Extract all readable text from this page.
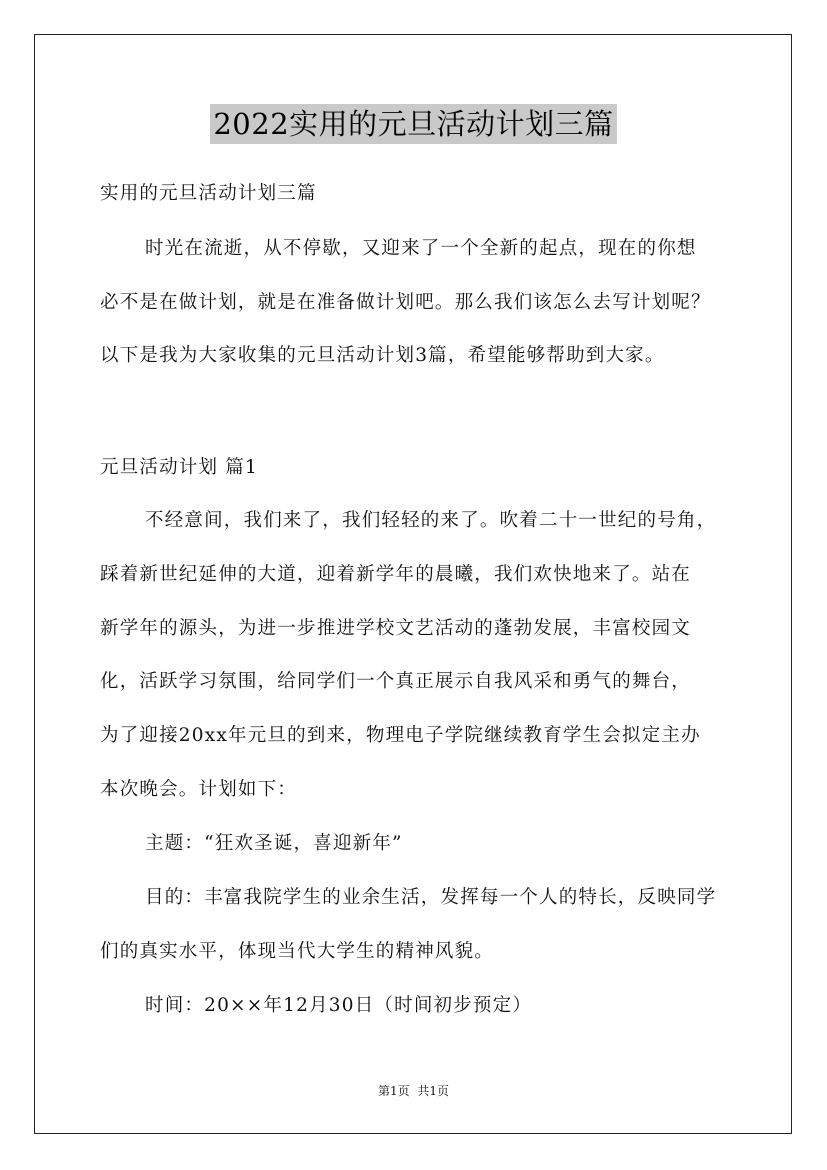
2022实用的元旦活动计划三篇
实用的元旦活动计划三篇
时光在流逝，从不停歇，又迎来了一个全新的起点，现在的你想
必不是在做计划，就是在准备做计划吧。那么我们该怎么去写计划呢？
以下是我为大家收集的元旦活动计划3篇，希望能够帮助到大家。
元旦活动计划 篇1
不经意间，我们来了，我们轻轻的来了。吹着二十一世纪的号角，
踩着新世纪延伸的大道，迎着新学年的晨曦，我们欢快地来了。站在
新学年的源头，为进一步推进学校文艺活动的蓬勃发展，丰富校园文
化，活跃学习氛围，给同学们一个真正展示自我风采和勇气的舞台，
为了迎接20xx年元旦的到来，物理电子学院继续教育学生会拟定主办
本次晚会。计划如下：
主题：“狂欢圣诞，喜迎新年”
目的：丰富我院学生的业余生活，发挥每一个人的特长，反映同学
们的真实水平，体现当代大学生的精神风貌。
时间：20××年12月30日（时间初步预定）
第1页 共1页
